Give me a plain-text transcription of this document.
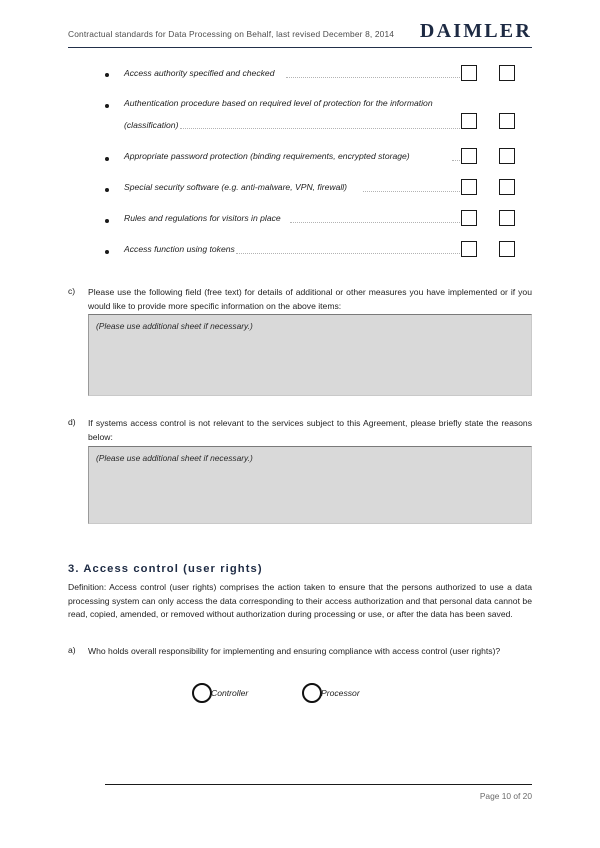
Contractual standards for Data Processing on Behalf, last revised December 8, 2014 DAIMLER
Access authority specified and checked
Authentication procedure based on required level of protection for the information
(classification)
Appropriate password protection (binding requirements, encrypted storage)
Special security software (e.g. anti-malware, VPN, firewall)
Rules and regulations for visitors in place
Access function using tokens
c) Please use the following field (free text) for details of additional or other measures you have implemented or if you would like to provide more specific information on the above items:
(Please use additional sheet if necessary.)
d) If systems access control is not relevant to the services subject to this Agreement, please briefly state the reasons below:
(Please use additional sheet if necessary.)
3. Access control (user rights)
Definition: Access control (user rights) comprises the action taken to ensure that the persons authorized to use a data processing system can only access the data corresponding to their access authorization and that personal data cannot be read, copied, amended, or removed without authorization during processing or use, or after the data has been saved.
a) Who holds overall responsibility for implementing and ensuring compliance with access control (user rights)?
Controller	Processor
Page 10 of 20
